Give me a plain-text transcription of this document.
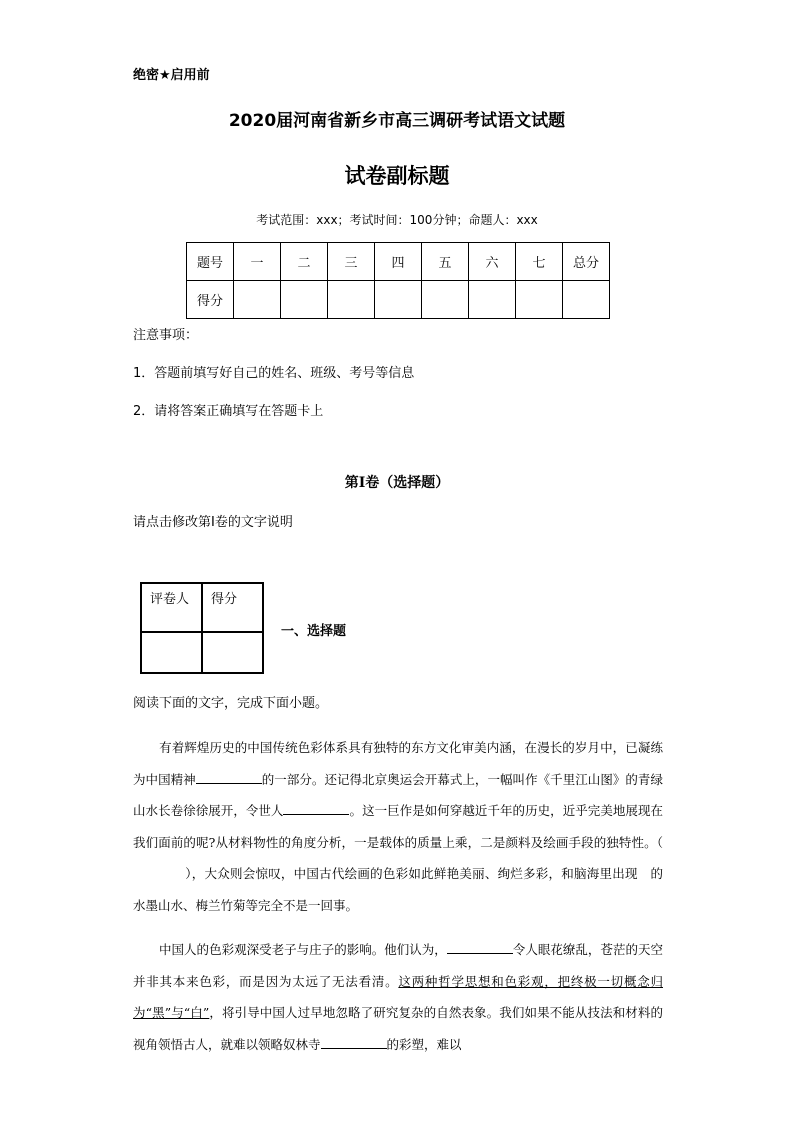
绝密★启用前
2020届河南省新乡市高三调研考试语文试题
试卷副标题
考试范围：xxx；考试时间：100分钟；命题人：xxx
题号	一	二	三	四	五	六	七	总分
得分								
注意事项：
1．答题前填写好自己的姓名、班级、考号等信息
2．请将答案正确填写在答题卡上
第I卷（选择题）
请点击修改第I卷的文字说明
评卷人	得分

一、选择题
阅读下面的文字，完成下面小题。
有着辉煌历史的中国传统色彩体系具有独特的东方文化审美内涵，在漫长的岁月中，已凝练为中国精神	的一部分。还记得北京奥运会开幕式上，一幅叫作《千里江山图》的青绿山水长卷徐徐展开，令世人	。这一巨作是如何穿越近千年的历史，近乎完美地展现在我们面前的呢?从材料物性的角度分析，一是载体的质量上乘，二是颜料及绘画手段的独特性。（），大众则会惊叹，中国古代绘画的色彩如此鲜艳美丽、绚烂多彩，和脑海里出现　的水墨山水、梅兰竹菊等完全不是一回事。
中国人的色彩观深受老子与庄子的影响。他们认为，	令人眼花缭乱，苍茫的天空并非其本来色彩，而是因为太远了无法看清。这两种哲学思想和色彩观，把终极一切概念归为“黑”与“白”，将引导中国人过早地忽略了研究复杂的自然表象。我们如果不能从技法和材料的视角领悟古人，就难以领略奴林寺	的彩塑，难以
